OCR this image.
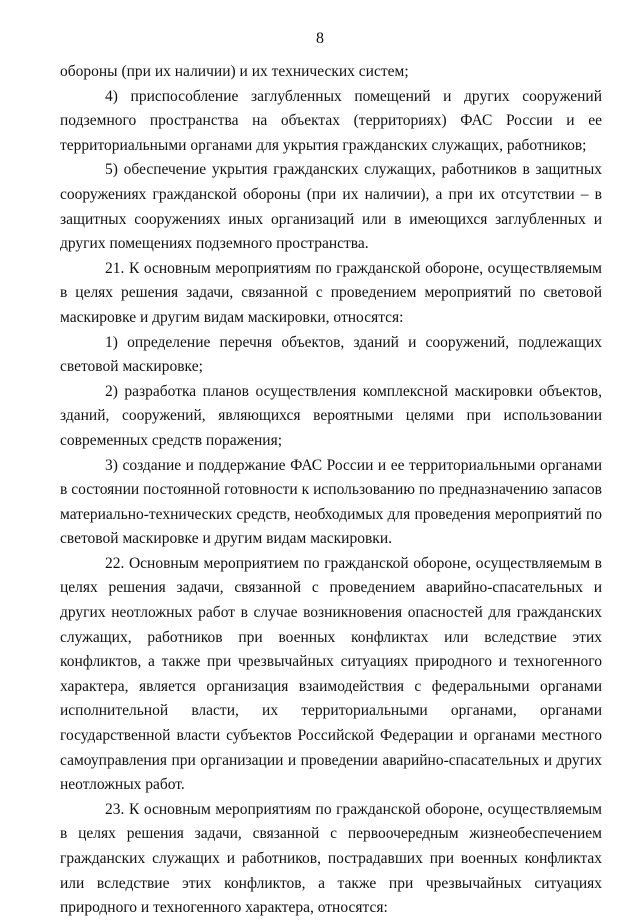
8

обороны (при их наличии) и их технических систем;

4) приспособление заглубленных помещений и других сооружений подземного пространства на объектах (территориях) ФАС России и ее территориальными органами для укрытия гражданских служащих, работников;

5) обеспечение укрытия гражданских служащих, работников в защитных сооружениях гражданской обороны (при их наличии), а при их отсутствии – в защитных сооружениях иных организаций или в имеющихся заглубленных и других помещениях подземного пространства.

21. К основным мероприятиям по гражданской обороне, осуществляемым в целях решения задачи, связанной с проведением мероприятий по световой маскировке и другим видам маскировки, относятся:

1) определение перечня объектов, зданий и сооружений, подлежащих световой маскировке;

2) разработка планов осуществления комплексной маскировки объектов, зданий, сооружений, являющихся вероятными целями при использовании современных средств поражения;

3) создание и поддержание ФАС России и ее территориальными органами в состоянии постоянной готовности к использованию по предназначению запасов материально-технических средств, необходимых для проведения мероприятий по световой маскировке и другим видам маскировки.

22. Основным мероприятием по гражданской обороне, осуществляемым в целях решения задачи, связанной с проведением аварийно-спасательных и других неотложных работ в случае возникновения опасностей для гражданских служащих, работников при военных конфликтах или вследствие этих конфликтов, а также при чрезвычайных ситуациях природного и техногенного характера, является организация взаимодействия с федеральными органами исполнительной власти, их территориальными органами, органами государственной власти субъектов Российской Федерации и органами местного самоуправления при организации и проведении аварийно-спасательных и других неотложных работ.

23. К основным мероприятиям по гражданской обороне, осуществляемым в целях решения задачи, связанной с первоочередным жизнеобеспечением гражданских служащих и работников, пострадавших при военных конфликтах или вследствие этих конфликтов, а также при чрезвычайных ситуациях природного и техногенного характера, относятся:
